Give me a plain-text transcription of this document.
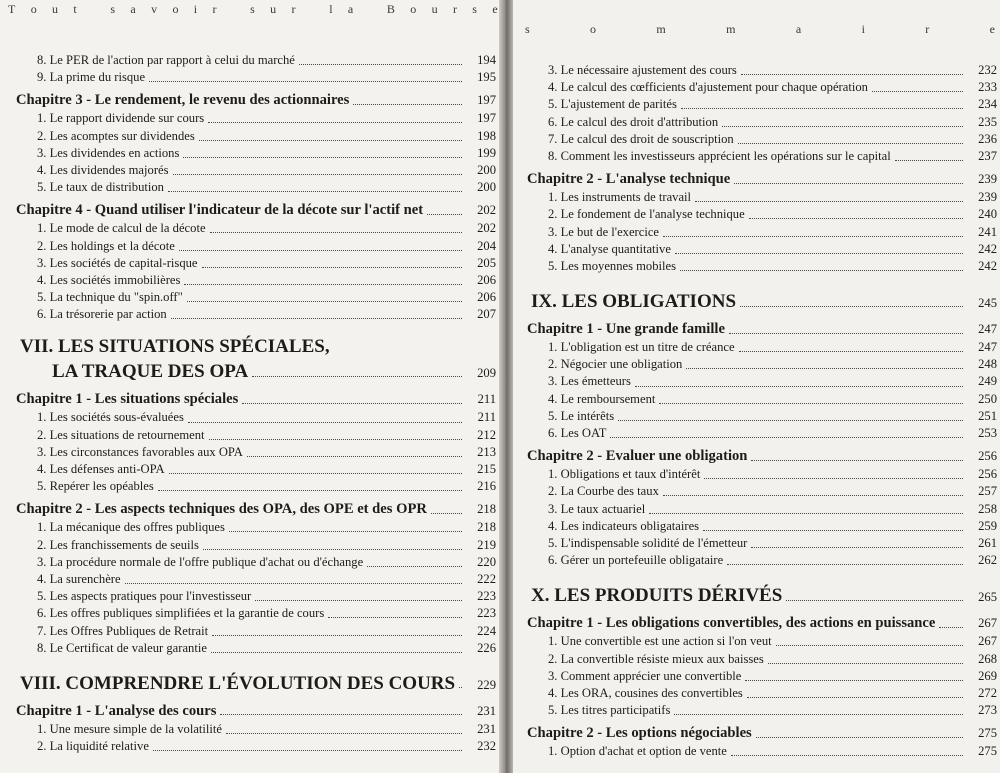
T o u t
	s a v o i r
	s u r
	l a
	B o u r s e
8. Le PER de l'action par rapport à celui du marché	194
9. La prime du risque	195
Chapitre 3 - Le rendement, le revenu des actionnaires	197
1. Le rapport dividende sur cours	197
2. Les acomptes sur dividendes	198
3. Les dividendes en actions	199
4. Les dividendes majorés	200
5. Le taux de distribution	200
Chapitre 4 - Quand utiliser l'indicateur de la décote sur l'actif net	202
1. Le mode de calcul de la décote	202
2. Les holdings et la décote	204
3. Les sociétés de capital-risque	205
4. Les sociétés immobilières	206
5. La technique du "spin.off"	206
6. La trésorerie par action	207
VII. LES SITUATIONS SPÉCIALES,
LA TRAQUE DES OPA	209
Chapitre 1 - Les situations spéciales	211
1. Les sociétés sous-évaluées	211
2. Les situations de retournement	212
3. Les circonstances favorables aux OPA	213
4. Les défenses anti-OPA	215
5. Repérer les opéables	216
Chapitre 2 - Les aspects techniques des OPA, des OPE et des OPR	218
1. La mécanique des offres publiques	218
2. Les franchissements de seuils	219
3. La procédure normale de l'offre publique d'achat ou d'échange	220
4. La surenchère	222
5. Les aspects pratiques pour l'investisseur	223
6. Les offres publiques simplifiées et la garantie de cours	223
7. Les Offres Publiques de Retrait	224
8. Le Certificat de valeur garantie	226
VIII. COMPRENDRE L'ÉVOLUTION DES COURS	229
Chapitre 1 - L'analyse des cours	231
1. Une mesure simple de la volatilité	231
2. La liquidité relative	232
s	o	m	m	a	i	r	e
3. Le nécessaire ajustement des cours	232
4. Le calcul des cœfficients d'ajustement pour chaque opération	233
5. L'ajustement de parités	234
6. Le calcul des droit d'attribution	235
7. Le calcul des droit de souscription	236
8. Comment les investisseurs apprécient les opérations sur le capital	237
Chapitre 2 - L'analyse technique	239
1. Les instruments de travail	239
2. Le fondement de l'analyse technique	240
3. Le but de l'exercice	241
4. L'analyse quantitative	242
5. Les moyennes mobiles	242
IX. LES OBLIGATIONS	245
Chapitre 1 - Une grande famille	247
1. L'obligation est un titre de créance	247
2. Négocier une obligation	248
3. Les émetteurs	249
4. Le remboursement	250
5. Le intérêts	251
6. Les OAT	253
Chapitre 2 - Evaluer une obligation	256
1. Obligations et taux d'intérêt	256
2. La Courbe des taux	257
3. Le taux actuariel	258
4. Les indicateurs obligataires	259
5. L'indispensable solidité de l'émetteur	261
6. Gérer un portefeuille obligataire	262
X. LES PRODUITS DÉRIVÉS	265
Chapitre 1 - Les obligations convertibles, des actions en puissance	267
1. Une convertible est une action si l'on veut	267
2. La convertible résiste mieux aux baisses	268
3. Comment apprécier une convertible	269
4. Les ORA, cousines des convertibles	272
5. Les titres participatifs	273
Chapitre 2 - Les options négociables	275
1. Option d'achat et option de vente	275
